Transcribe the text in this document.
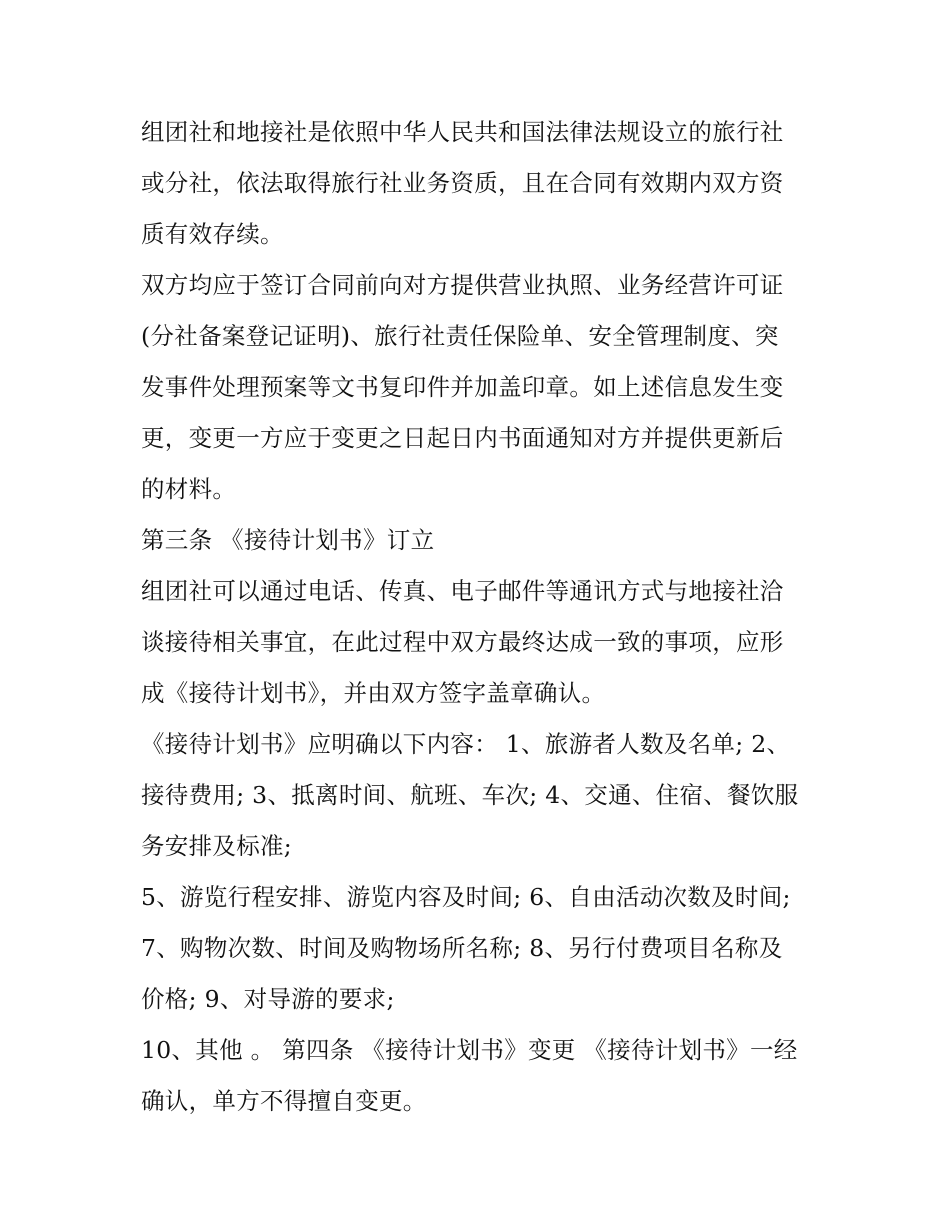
组团社和地接社是依照中华人民共和国法律法规设立的旅行社
或分社，依法取得旅行社业务资质，且在合同有效期内双方资
质有效存续。
双方均应于签订合同前向对方提供营业执照、业务经营许可证
(分社备案登记证明)、旅行社责任保险单、安全管理制度、突
发事件处理预案等文书复印件并加盖印章。如上述信息发生变
更，变更一方应于变更之日起日内书面通知对方并提供更新后
的材料。
第三条 《接待计划书》订立
组团社可以通过电话、传真、电子邮件等通讯方式与地接社洽
谈接待相关事宜，在此过程中双方最终达成一致的事项，应形
成《接待计划书》，并由双方签字盖章确认。
《接待计划书》应明确以下内容： 1、旅游者人数及名单; 2、
接待费用; 3、抵离时间、航班、车次; 4、交通、住宿、餐饮服
务安排及标准;
5、游览行程安排、游览内容及时间; 6、自由活动次数及时间;
7、购物次数、时间及购物场所名称; 8、另行付费项目名称及
价格; 9、对导游的要求;
10、其他 。 第四条 《接待计划书》变更 《接待计划书》一经
确认，单方不得擅自变更。
